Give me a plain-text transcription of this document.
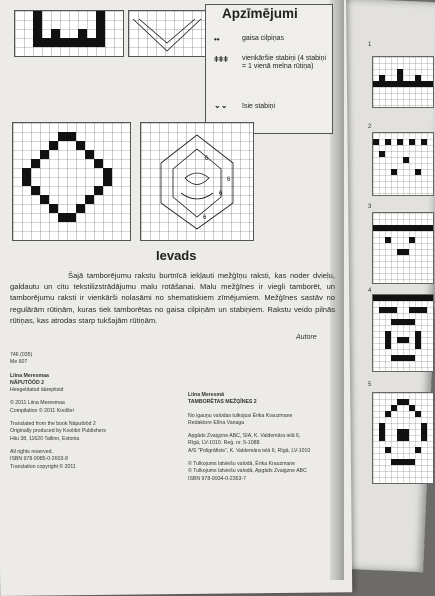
••	gaisa cilpiņas
ǂǂǂ vienkāršie stabiņi (4 stabiņi = 1 vienā melna rūtiņa)
⌄⌄ īsie stabiņi
Apzīmējumi
6
6
6
6
Ievads
Šajā tamborējumu rakstu burtnīcā iekļauti mežģīņu raksti, kas noder dvieļu, galdautu un citu tekstilizstrādājumu malu rotāšanai. Malu mežģīnes ir viegli tamborēt, un tamborējumu raksti ir vienkārši nolasāmi no shematiskiem zīmējumiem. Mežģīnes sastāv no regulārām rūtiņām, kuras tiek tamborētas no gaisa cilpiņām un stabiņiem. Rakstu veido pilnās rūtiņas, kas atrodas starp tukšajām rūtiņām.
Autore
746 (035)
Me 607
Liina Meresmaa
NÄPUTÖÖD 2
Heegeldatud äärepitsid
© 2011 Liina Meresmaa
Compilation © 2011 Koolibri
Translated from the book Näputööd 2
Originally produced by Koolibri Publishers
Hiiu 38, 11620 Tallinn, Estonia
All rights reserved.
ISBN 978-9985-0-2603-8
Translation copyright © 2011
Liina Meresmā
TAMBORĒTAS MEŽĢĪNES 2
No igauņu valodas tulkojusi Ērika Krauzmane
Redaktore Elīna Vanaga
Apgāds Zvaigzne ABC, SIA, K. Valdemāra ielā 6,
Rīgā, LV-1010. Reģ. nr. 5-1088.
A/S "Poligrāfists", K. Valdemāra ielā 6, Rīgā, LV-1010
© Tulkojums latviešu valodā, Ērika Krauzmane
© Tulkojums latviešu valodā, Apgāds Zvaigzne ABC
ISBN 978-9934-0-2363-7
1
2
3
4
5
